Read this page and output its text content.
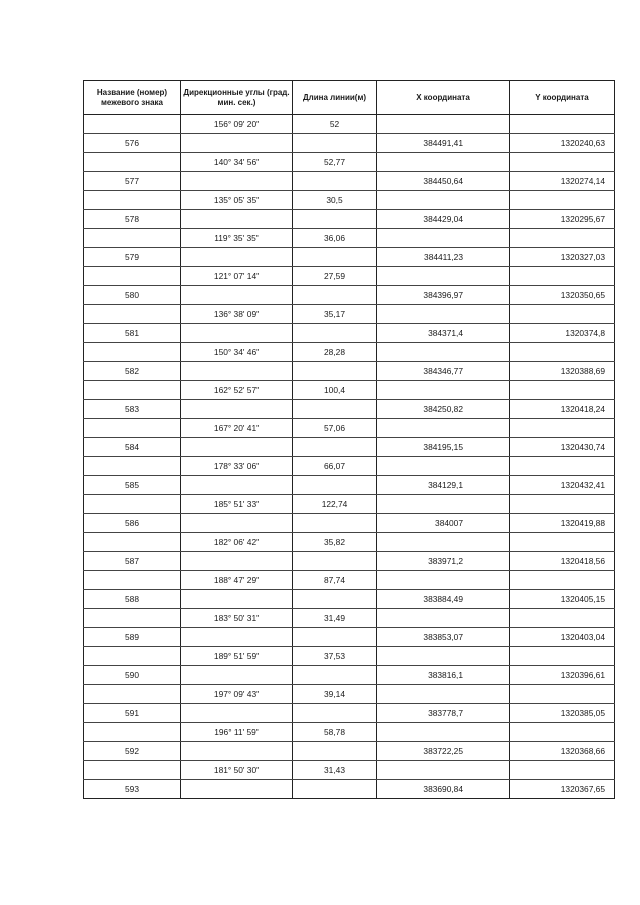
Название (номер) межевого знака	Дирекционные углы (град. мин. сек.)	Длина линии(м)	X координата	Y координата
	156° 09' 20"	52		
576			384491,41	1320240,63
	140° 34' 56"	52,77		
577			384450,64	1320274,14
	135° 05' 35"	30,5		
578			384429,04	1320295,67
	119° 35' 35"	36,06		
579			384411,23	1320327,03
	121° 07' 14"	27,59		
580			384396,97	1320350,65
	136° 38' 09"	35,17		
581			384371,4	1320374,8
	150° 34' 46"	28,28		
582			384346,77	1320388,69
	162° 52' 57"	100,4		
583			384250,82	1320418,24
	167° 20' 41"	57,06		
584			384195,15	1320430,74
	178° 33' 06"	66,07		
585			384129,1	1320432,41
	185° 51' 33"	122,74		
586			384007	1320419,88
	182° 06' 42"	35,82		
587			383971,2	1320418,56
	188° 47' 29"	87,74		
588			383884,49	1320405,15
	183° 50' 31"	31,49		
589			383853,07	1320403,04
	189° 51' 59"	37,53		
590			383816,1	1320396,61
	197° 09' 43"	39,14		
591			383778,7	1320385,05
	196° 11' 59"	58,78		
592			383722,25	1320368,66
	181° 50' 30"	31,43		
593			383690,84	1320367,65
